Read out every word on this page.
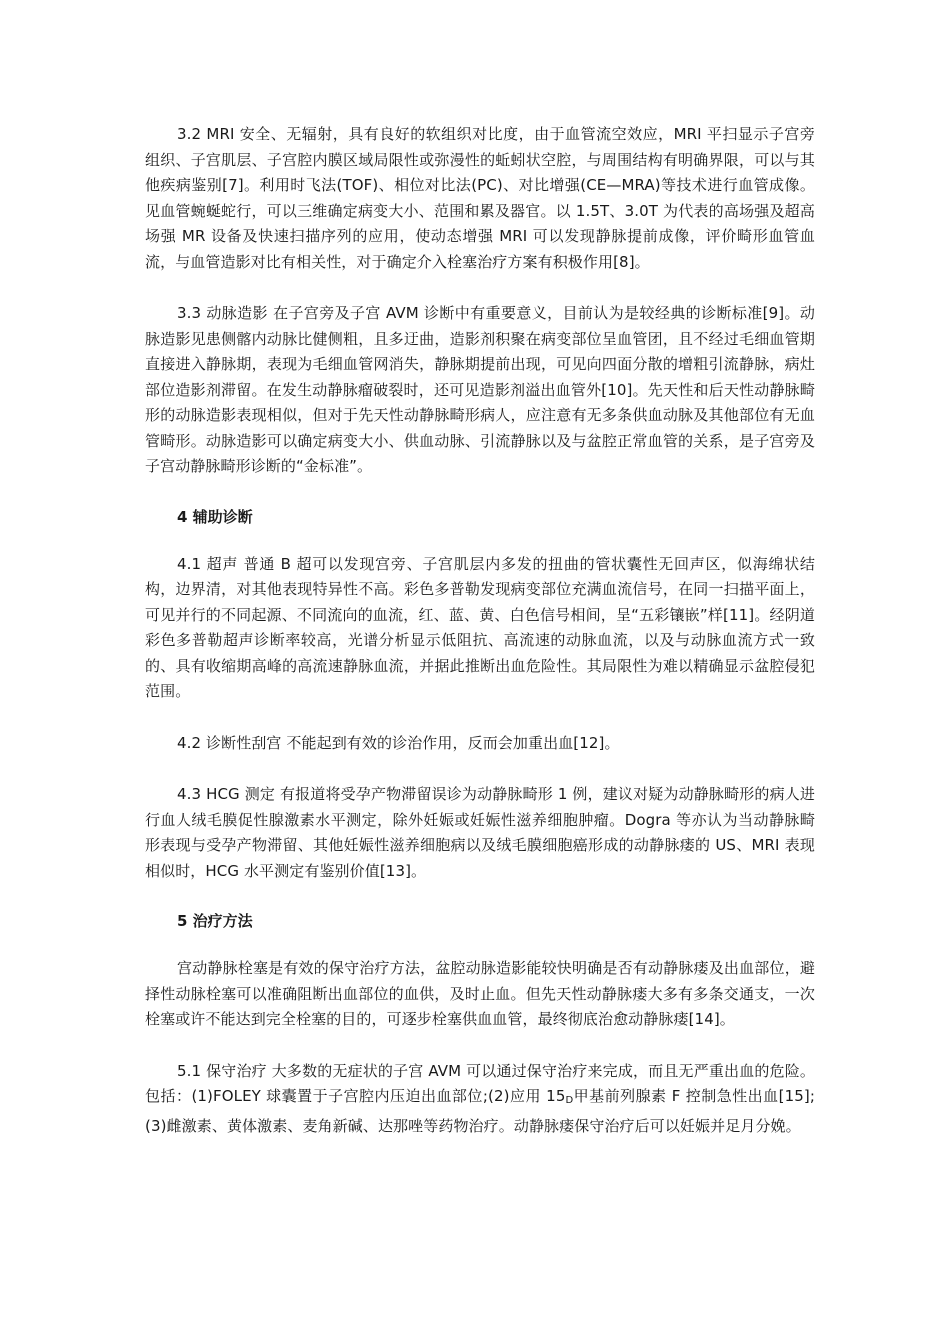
3.2 MRI 安全、无辐射，具有良好的软组织对比度，由于血管流空效应，MRI 平扫显示子宫旁组织、子宫肌层、子宫腔内膜区域局限性或弥漫性的蚯蚓状空腔，与周围结构有明确界限，可以与其他疾病鉴别[7]。利用时飞法(TOF)、相位对比法(PC)、对比增强(CE—MRA)等技术进行血管成像。见血管蜿蜒蛇行，可以三维确定病变大小、范围和累及器官。以 1.5T、3.0T 为代表的高场强及超高场强 MR 设备及快速扫描序列的应用，使动态增强 MRI 可以发现静脉提前成像，评价畸形血管血流，与血管造影对比有相关性，对于确定介入栓塞治疗方案有积极作用[8]。

3.3 动脉造影 在子宫旁及子宫 AVM 诊断中有重要意义，目前认为是较经典的诊断标准[9]。动脉造影见患侧髂内动脉比健侧粗，且多迂曲，造影剂积聚在病变部位呈血管团，且不经过毛细血管期直接进入静脉期，表现为毛细血管网消失，静脉期提前出现，可见向四面分散的增粗引流静脉，病灶部位造影剂滞留。在发生动静脉瘤破裂时，还可见造影剂溢出血管外[10]。先天性和后天性动静脉畸形的动脉造影表现相似，但对于先天性动静脉畸形病人，应注意有无多条供血动脉及其他部位有无血管畸形。动脉造影可以确定病变大小、供血动脉、引流静脉以及与盆腔正常血管的关系，是子宫旁及子宫动静脉畸形诊断的“金标准”。

4 辅助诊断

4.1 超声 普通 B 超可以发现宫旁、子宫肌层内多发的扭曲的管状囊性无回声区，似海绵状结构，边界清，对其他表现特异性不高。彩色多普勒发现病变部位充满血流信号，在同一扫描平面上，可见并行的不同起源、不同流向的血流，红、蓝、黄、白色信号相间，呈“五彩镶嵌”样[11]。经阴道彩色多普勒超声诊断率较高，光谱分析显示低阻抗、高流速的动脉血流，以及与动脉血流方式一致的、具有收缩期高峰的高流速静脉血流，并据此推断出血危险性。其局限性为难以精确显示盆腔侵犯范围。

4.2 诊断性刮宫 不能起到有效的诊治作用，反而会加重出血[12]。

4.3 HCG 测定 有报道将受孕产物滞留误诊为动静脉畸形 1 例，建议对疑为动静脉畸形的病人进行血人绒毛膜促性腺激素水平测定，除外妊娠或妊娠性滋养细胞肿瘤。Dogra 等亦认为当动静脉畸形表现与受孕产物滞留、其他妊娠性滋养细胞病以及绒毛膜细胞癌形成的动静脉瘘的 US、MRI 表现相似时，HCG 水平测定有鉴别价值[13]。

5 治疗方法

宫动静脉栓塞是有效的保守治疗方法，盆腔动脉造影能较快明确是否有动静脉瘘及出血部位，避择性动脉栓塞可以准确阻断出血部位的血供，及时止血。但先天性动静脉瘘大多有多条交通支，一次栓塞或许不能达到完全栓塞的目的，可逐步栓塞供血血管，最终彻底治愈动静脉瘘[14]。

5.1 保守治疗 大多数的无症状的子宫 AVM 可以通过保守治疗来完成，而且无严重出血的危险。包括：(1)FOLEY 球囊置于子宫腔内压迫出血部位;(2)应用 $15_D$甲基前列腺素 F 控制急性出血[15];(3)雌激素、黄体激素、麦角新碱、达那唑等药物治疗。动静脉瘘保守治疗后可以妊娠并足月分娩。
